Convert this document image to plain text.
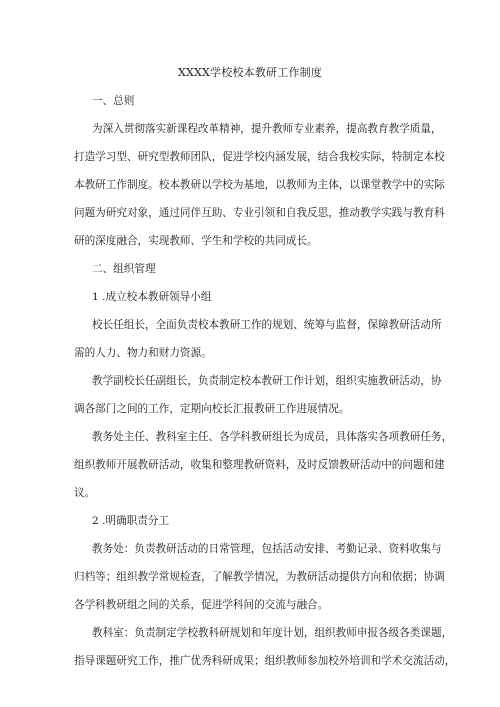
XXXX学校校本教研工作制度
一、总则
为深入贯彻落实新课程改革精神，提升教师专业素养，提高教育教学质量，
打造学习型、研究型教师团队，促进学校内涵发展，结合我校实际，特制定本校
本教研工作制度。校本教研以学校为基地，以教师为主体，以课堂教学中的实际
问题为研究对象，通过同伴互助、专业引领和自我反思，推动教学实践与教育科
研的深度融合，实现教师、学生和学校的共同成长。
二、组织管理
1 .成立校本教研领导小组
校长任组长，全面负责校本教研工作的规划、统筹与监督，保障教研活动所
需的人力、物力和财力资源。
教学副校长任副组长，负责制定校本教研工作计划，组织实施教研活动，协
调各部门之间的工作，定期向校长汇报教研工作进展情况。
教务处主任、教科室主任、各学科教研组长为成员，具体落实各项教研任务，
组织教师开展教研活动，收集和整理教研资料，及时反馈教研活动中的问题和建
议。
2 .明确职责分工
教务处：负责教研活动的日常管理，包括活动安排、考勤记录、资料收集与
归档等；组织教学常规检查，了解教学情况，为教研活动提供方向和依据；协调
各学科教研组之间的关系，促进学科间的交流与融合。
教科室：负责制定学校教科研规划和年度计划，组织教师申报各级各类课题，
指导课题研究工作，推广优秀科研成果；组织教师参加校外培训和学术交流活动，
